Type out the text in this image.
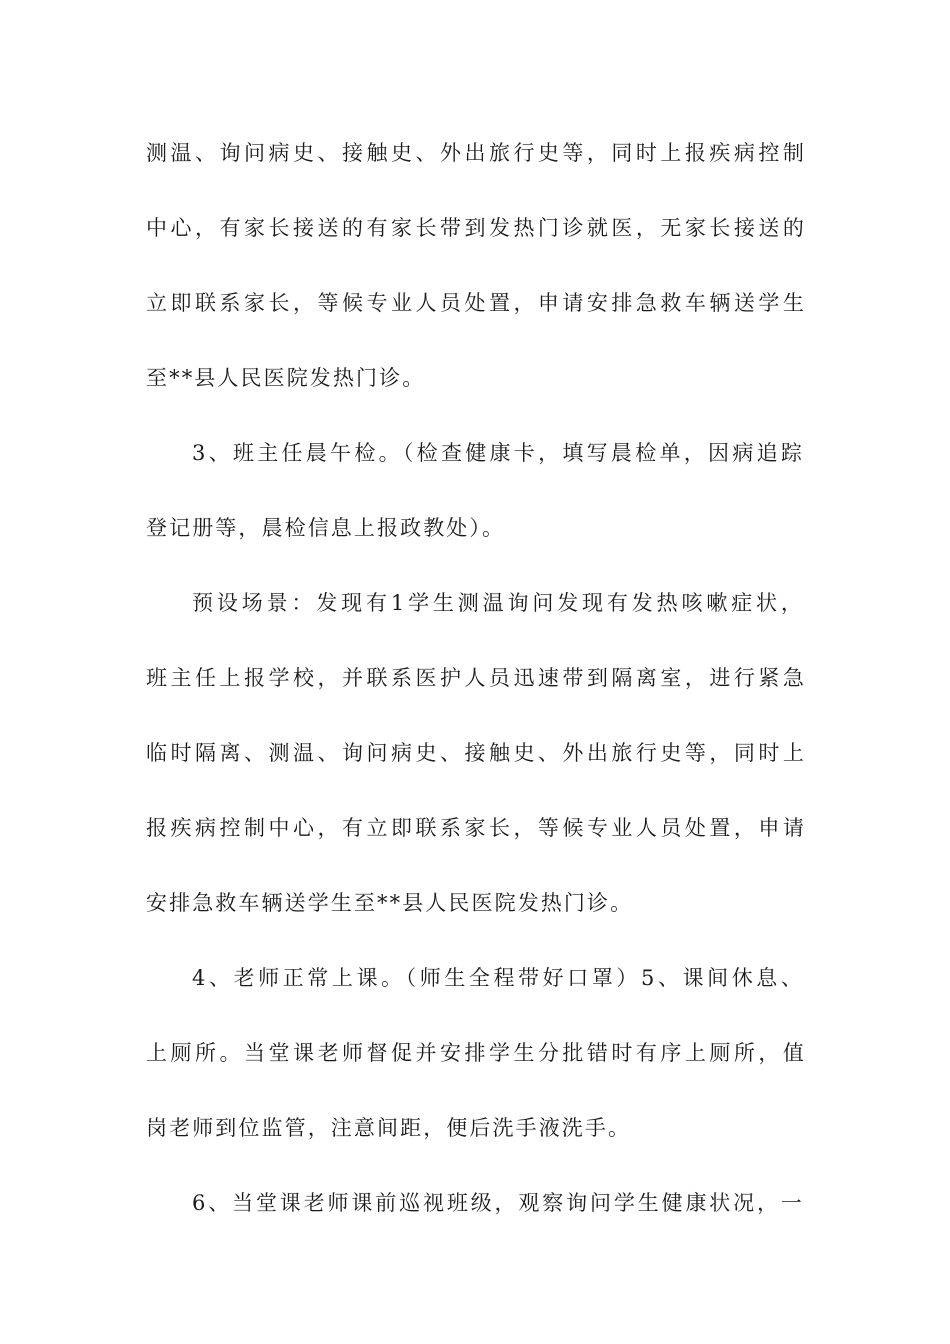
测温、询问病史、接触史、外出旅行史等，同时上报疾病控制
中心，有家长接送的有家长带到发热门诊就医，无家长接送的
立即联系家长，等候专业人员处置，申请安排急救车辆送学生
至**县人民医院发热门诊。
3、班主任晨午检。（检查健康卡，填写晨检单，因病追踪
登记册等，晨检信息上报政教处）。
预设场景：发现有1学生测温询问发现有发热咳嗽症状，
班主任上报学校，并联系医护人员迅速带到隔离室，进行紧急
临时隔离、测温、询问病史、接触史、外出旅行史等，同时上
报疾病控制中心，有立即联系家长，等候专业人员处置，申请
安排急救车辆送学生至**县人民医院发热门诊。
4、老师正常上课。（师生全程带好口罩）5、课间休息、
上厕所。当堂课老师督促并安排学生分批错时有序上厕所，值
岗老师到位监管，注意间距，便后洗手液洗手。
6、当堂课老师课前巡视班级，观察询问学生健康状况，一
